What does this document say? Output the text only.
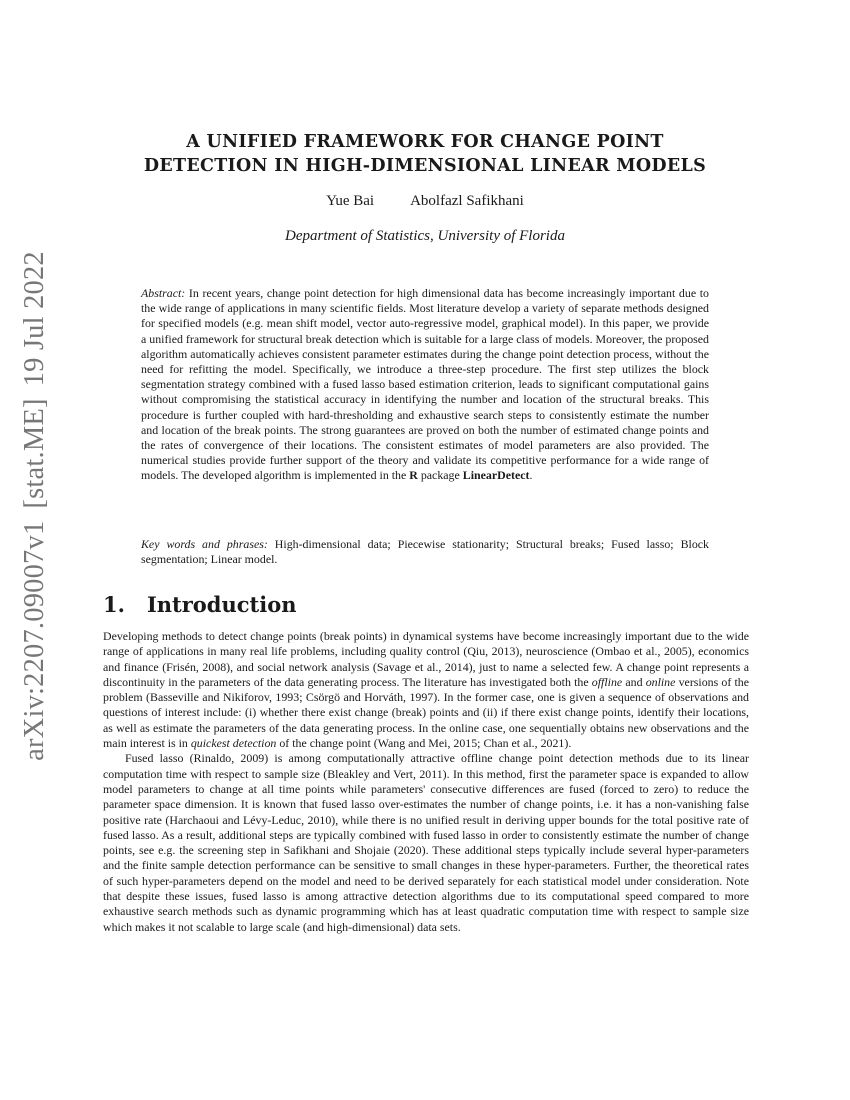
arXiv:2207.09007v1[stat.ME]19 Jul 2022
A UNIFIED FRAMEWORK FOR CHANGE POINT
DETECTION IN HIGH-DIMENSIONAL LINEAR MODELS
Yue Bai Abolfazl Safikhani
Department of Statistics, University of Florida

Abstract: In recent years, change point detection for high dimensional data has become increasingly important due to the wide range of applications in many scientific fields. Most literature develop a variety of separate methods designed for specified models (e.g. mean shift model, vector auto-regressive model, graphical model). In this paper, we provide a unified framework for structural break detection which is suitable for a large class of models. Moreover, the proposed algorithm automatically achieves consistent parameter estimates during the change point detection process, without the need for refitting the model. Specifically, we introduce a three-step procedure. The first step utilizes the block segmentation strategy combined with a fused lasso based estimation criterion, leads to significant computational gains without compromising the statistical accuracy in identifying the number and location of the structural breaks. This procedure is further coupled with hard-thresholding and exhaustive search steps to consistently estimate the number and location of the break points. The strong guarantees are proved on both the number of estimated change points and the rates of convergence of their locations. The consistent estimates of model parameters are also provided. The numerical studies provide further support of the theory and validate its competitive performance for a wide range of models. The developed algorithm is implemented in the R package LinearDetect.

Key words and phrases: High-dimensional data; Piecewise stationarity; Structural breaks; Fused lasso; Block segmentation; Linear model.

1. Introduction

Developing methods to detect change points (break points) in dynamical systems have become increasingly important due to the wide range of applications in many real life problems, including quality control (Qiu, 2013), neuroscience (Ombao et al., 2005), economics and finance (Frisén, 2008), and social network analysis (Savage et al., 2014), just to name a selected few. A change point represents a discontinuity in the parameters of the data generating process. The literature has investigated both the offline and online versions of the problem (Basseville and Nikiforov, 1993; Csörgö and Horváth, 1997). In the former case, one is given a sequence of observations and questions of interest include: (i) whether there exist change (break) points and (ii) if there exist change points, identify their locations, as well as estimate the parameters of the data generating process. In the online case, one sequentially obtains new observations and the main interest is in quickest detection of the change point (Wang and Mei, 2015; Chan et al., 2021).

Fused lasso (Rinaldo, 2009) is among computationally attractive offline change point detection methods due to its linear computation time with respect to sample size (Bleakley and Vert, 2011). In this method, first the parameter space is expanded to allow model parameters to change at all time points while parameters' consecutive differences are fused (forced to zero) to reduce the parameter space dimension. It is known that fused lasso over-estimates the number of change points, i.e. it has a non-vanishing false positive rate (Harchaoui and Lévy-Leduc, 2010), while there is no unified result in deriving upper bounds for the total positive rate of fused lasso. As a result, additional steps are typically combined with fused lasso in order to consistently estimate the number of change points, see e.g. the screening step in Safikhani and Shojaie (2020). These additional steps typically include several hyper-parameters and the finite sample detection performance can be sensitive to small changes in these hyper-parameters. Further, the theoretical rates of such hyper-parameters depend on the model and need to be derived separately for each statistical model under consideration. Note that despite these issues, fused lasso is among attractive detection algorithms due to its computational speed compared to more exhaustive search methods such as dynamic programming which has at least quadratic computation time with respect to sample size which makes it not scalable to large scale (and high-dimensional) data sets.
